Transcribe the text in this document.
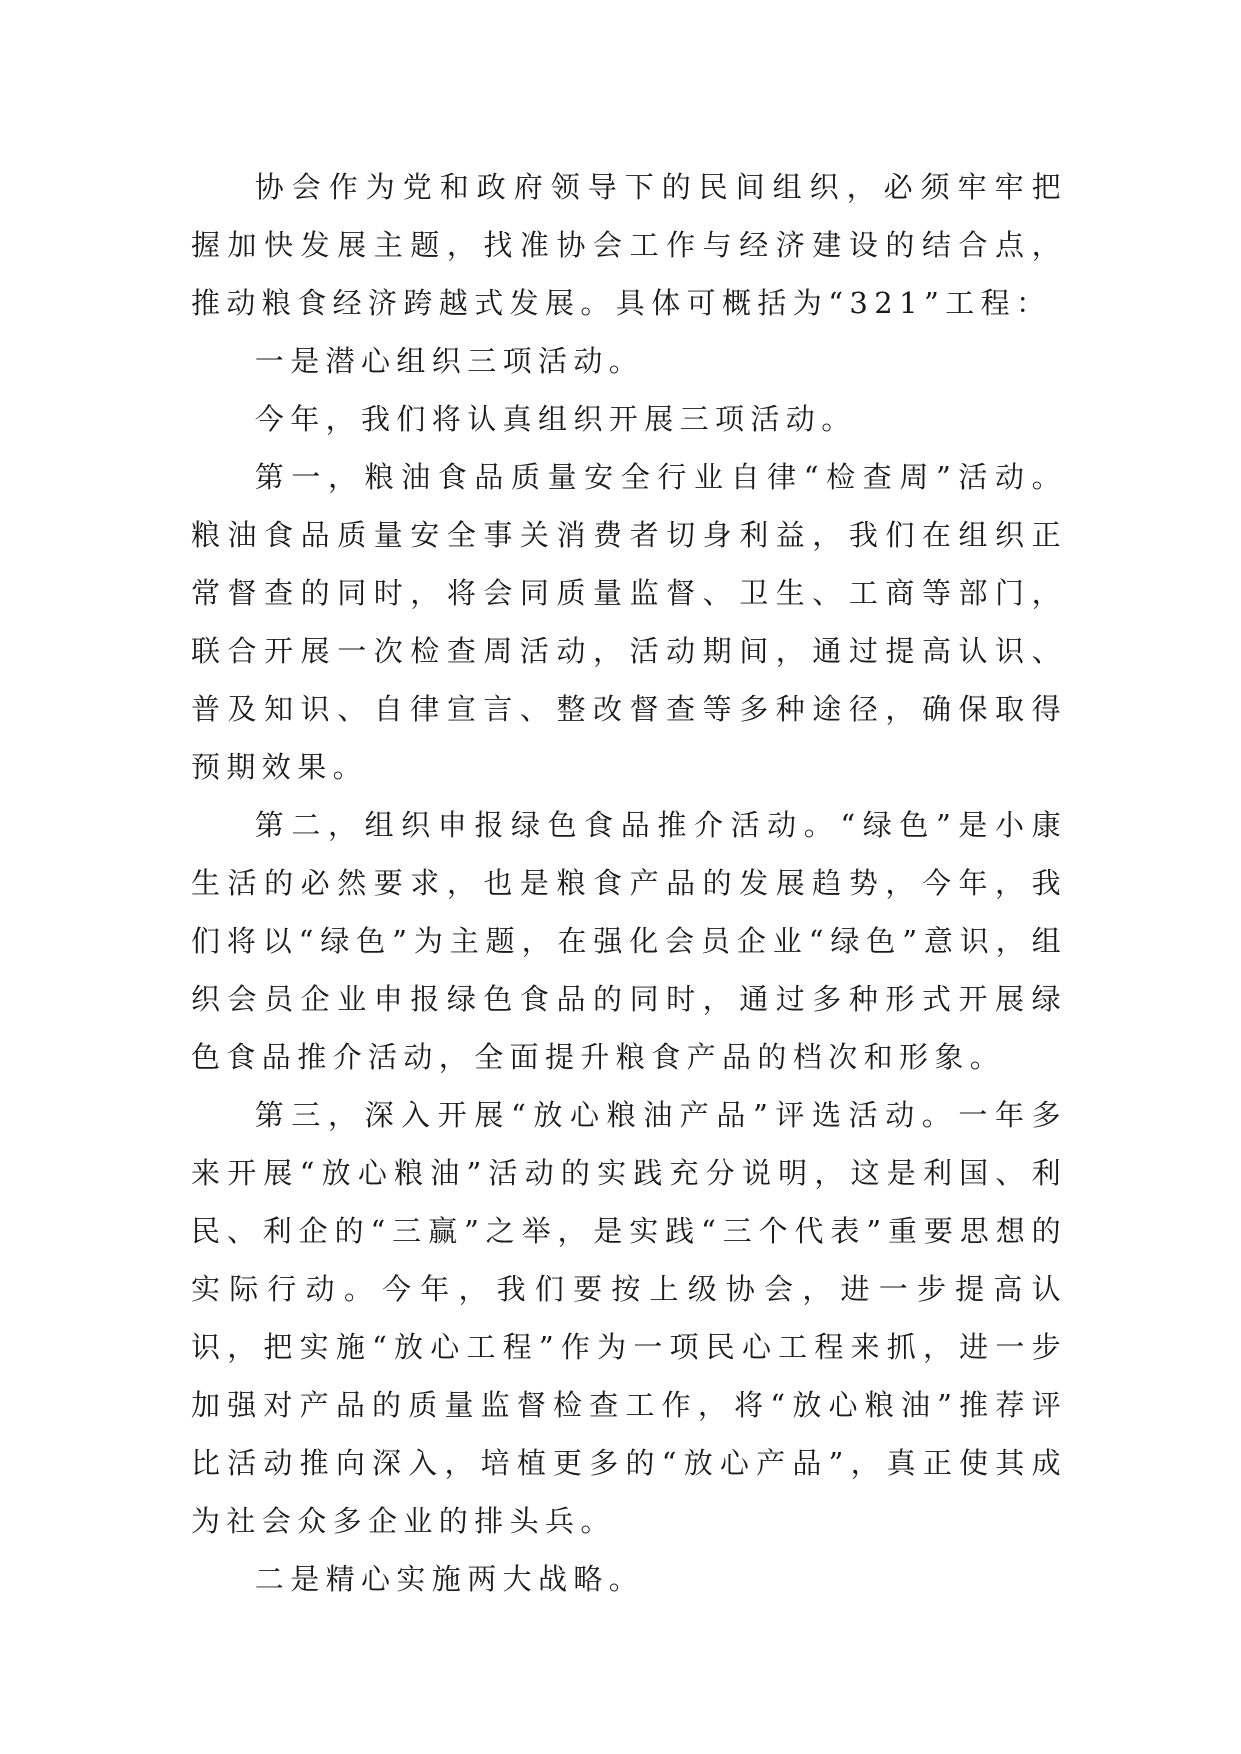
协会作为党和政府领导下的民间组织，必须牢牢把握加快发展主题，找准协会工作与经济建设的结合点，推动粮食经济跨越式发展。具体可概括为“321”工程：

一是潜心组织三项活动。

今年，我们将认真组织开展三项活动。

第一，粮油食品质量安全行业自律“检查周”活动。粮油食品质量安全事关消费者切身利益，我们在组织正常督查的同时，将会同质量监督、卫生、工商等部门，联合开展一次检查周活动，活动期间，通过提高认识、普及知识、自律宣言、整改督查等多种途径，确保取得预期效果。

第二，组织申报绿色食品推介活动。“绿色”是小康生活的必然要求，也是粮食产品的发展趋势，今年，我们将以“绿色”为主题，在强化会员企业“绿色”意识，组织会员企业申报绿色食品的同时，通过多种形式开展绿色食品推介活动，全面提升粮食产品的档次和形象。

第三，深入开展“放心粮油产品”评选活动。一年多来开展“放心粮油”活动的实践充分说明，这是利国、利民、利企的“三赢”之举，是实践“三个代表”重要思想的实际行动。今年，我们要按上级协会，进一步提高认识，把实施“放心工程”作为一项民心工程来抓，进一步加强对产品的质量监督检查工作，将“放心粮油”推荐评比活动推向深入，培植更多的“放心产品”，真正使其成为社会众多企业的排头兵。

二是精心实施两大战略。
